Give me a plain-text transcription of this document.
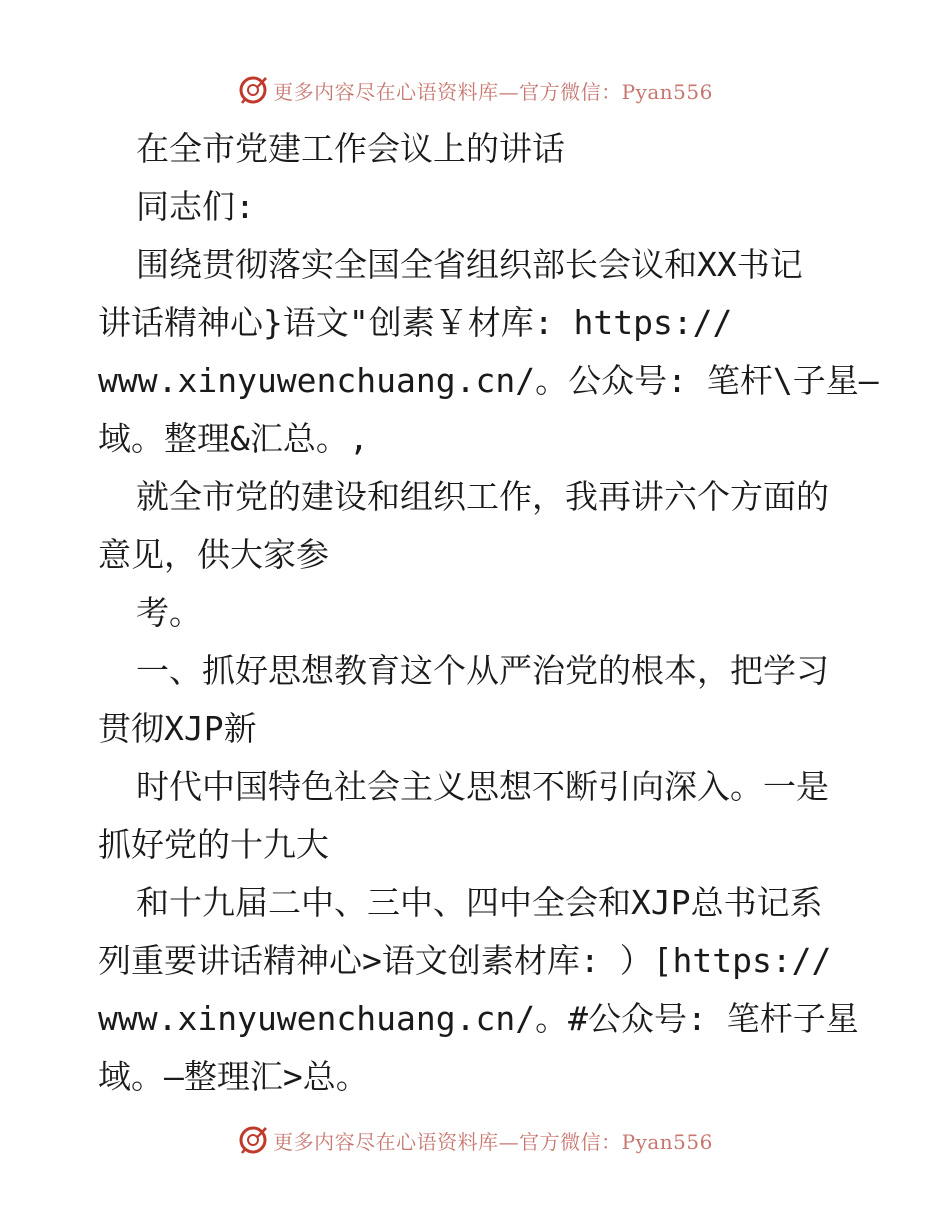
更多内容尽在心语资料库—官方微信：Pyan556

在全市党建工作会议上的讲话

同志们:

围绕贯彻落实全国全省组织部长会议和XX书记

讲话精神心}语文"创素￥材库: https://

www.xinyuwenchuang.cn/。公众号: 笔杆\子星—

域。整理&汇总。,

就全市党的建设和组织工作，我再讲六个方面的

意见，供大家参

考。

一、抓好思想教育这个从严治党的根本，把学习

贯彻XJP新

时代中国特色社会主义思想不断引向深入。一是

抓好党的十九大

和十九届二中、三中、四中全会和XJP总书记系

列重要讲话精神心>语文创素材库: ）[https://

www.xinyuwenchuang.cn/。#公众号: 笔杆子星

域。—整理汇>总。

更多内容尽在心语资料库—官方微信：Pyan556
